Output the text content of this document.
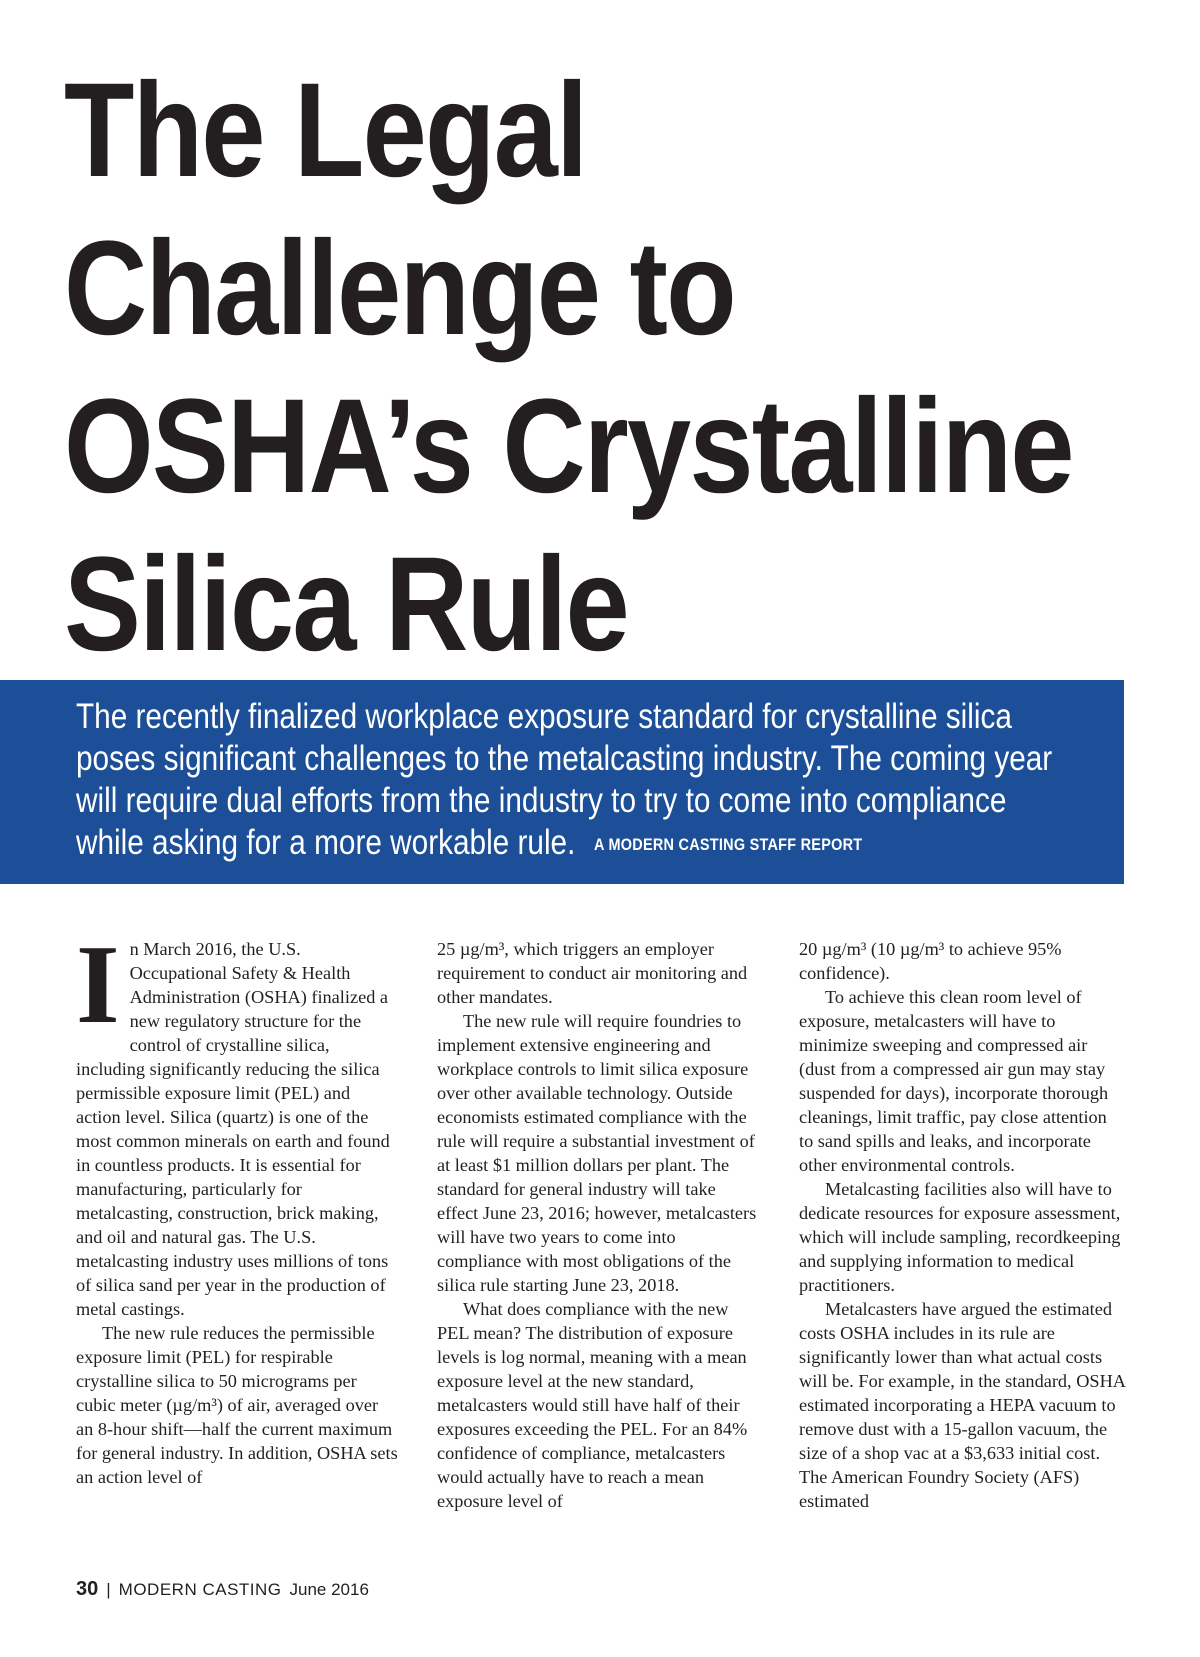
The Legal
Challenge to
OSHA’s Crystalline
Silica Rule

The recently finalized workplace exposure standard for crystalline silica poses significant challenges to the metalcasting industry. The coming year will require dual efforts from the industry to try to come into compliance while asking for a more workable rule. A MODERN CASTING STAFF REPORT

I n March 2016, the U.S. Occupational Safety & Health Administration (OSHA) finalized a new regulatory structure for the control of crystalline silica, including significantly reducing the silica permissible exposure limit (PEL) and action level. Silica (quartz) is one of the most common minerals on earth and found in countless products. It is essential for manufacturing, particularly for metalcasting, construction, brick making, and oil and natural gas. The U.S. metalcasting industry uses millions of tons of silica sand per year in the production of metal castings.

The new rule reduces the permissible exposure limit (PEL) for respirable crystalline silica to 50 micrograms per cubic meter (µg/m³) of air, averaged over an 8-hour shift—half the current maximum for general industry. In addition, OSHA sets an action level of

25 µg/m³, which triggers an employer requirement to conduct air monitoring and other mandates.

The new rule will require foundries to implement extensive engineering and workplace controls to limit silica exposure over other available technology. Outside economists estimated compliance with the rule will require a substantial investment of at least $1 million dollars per plant. The standard for general industry will take effect June 23, 2016; however, metalcasters will have two years to come into compliance with most obligations of the silica rule starting June 23, 2018.

What does compliance with the new PEL mean? The distribution of exposure levels is log normal, meaning with a mean exposure level at the new standard, metalcasters would still have half of their exposures exceeding the PEL. For an 84% confidence of compliance, metalcasters would actually have to reach a mean exposure level of

20 µg/m³ (10 µg/m³ to achieve 95% confidence).

To achieve this clean room level of exposure, metalcasters will have to minimize sweeping and compressed air (dust from a compressed air gun may stay suspended for days), incorporate thorough cleanings, limit traffic, pay close attention to sand spills and leaks, and incorporate other environmental controls.

Metalcasting facilities also will have to dedicate resources for exposure assessment, which will include sampling, recordkeeping and supplying information to medical practitioners.

Metalcasters have argued the estimated costs OSHA includes in its rule are significantly lower than what actual costs will be. For example, in the standard, OSHA estimated incorporating a HEPA vacuum to remove dust with a 15-gallon vacuum, the size of a shop vac at a $3,633 initial cost. The American Foundry Society (AFS) estimated

30 | MODERN CASTING June 2016
